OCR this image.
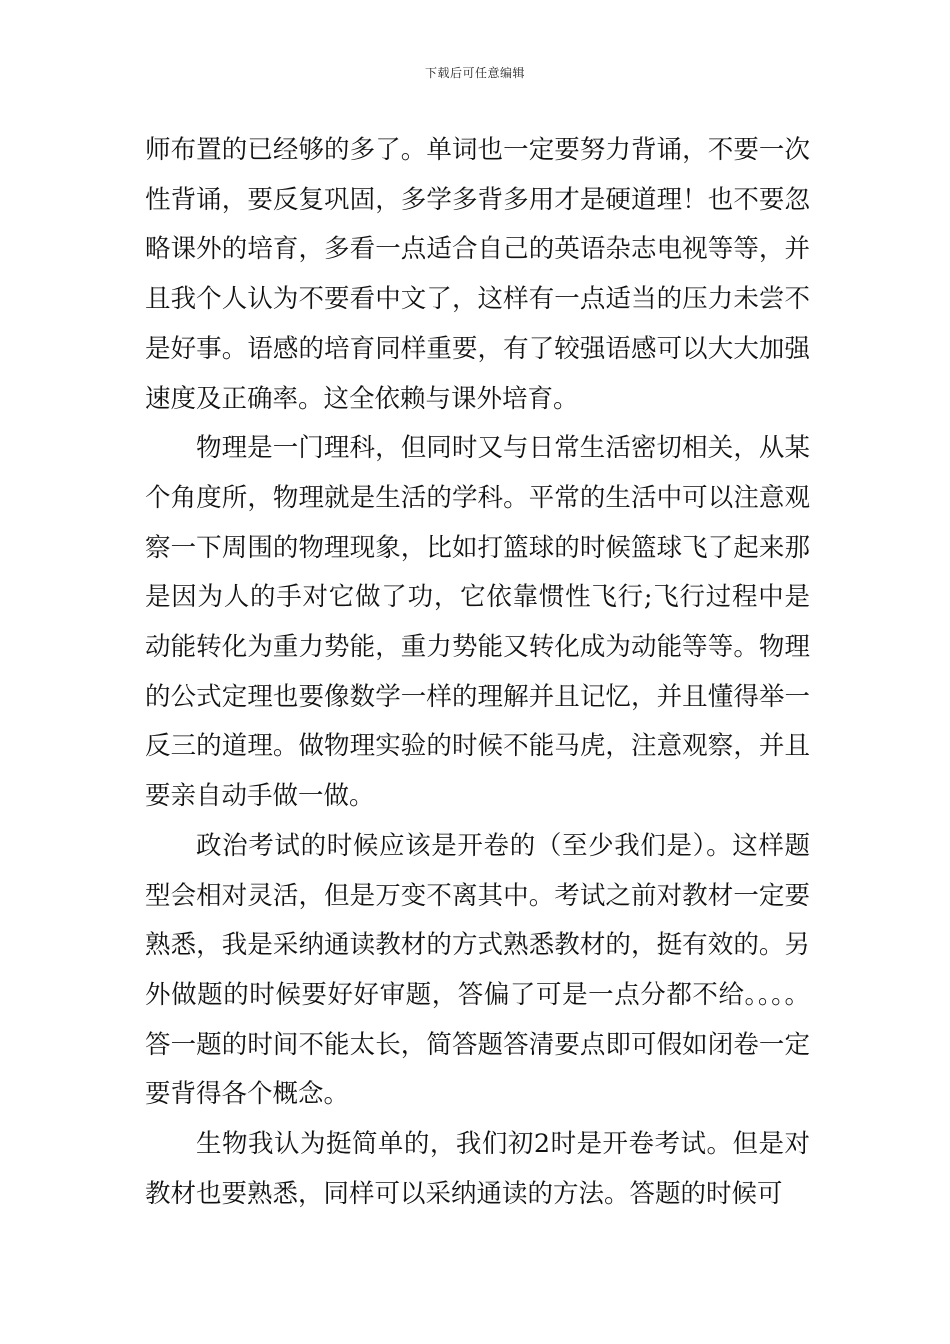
下载后可任意编辑

师布置的已经够的多了。单词也一定要努力背诵，不要一次性背诵，要反复巩固，多学多背多用才是硬道理！也不要忽略课外的培育，多看一点适合自己的英语杂志电视等等，并且我个人认为不要看中文了，这样有一点适当的压力未尝不是好事。语感的培育同样重要，有了较强语感可以大大加强速度及正确率。这全依赖与课外培育。

物理是一门理科，但同时又与日常生活密切相关，从某个角度所，物理就是生活的学科。平常的生活中可以注意观察一下周围的物理现象，比如打篮球的时候篮球飞了起来那是因为人的手对它做了功，它依靠惯性飞行;飞行过程中是动能转化为重力势能，重力势能又转化成为动能等等。物理的公式定理也要像数学一样的理解并且记忆，并且懂得举一反三的道理。做物理实验的时候不能马虎，注意观察，并且要亲自动手做一做。

政治考试的时候应该是开卷的（至少我们是）。这样题型会相对灵活，但是万变不离其中。考试之前对教材一定要熟悉，我是采纳通读教材的方式熟悉教材的，挺有效的。另外做题的时候要好好审题，答偏了可是一点分都不给。。。。答一题的时间不能太长，简答题答清要点即可假如闭卷一定要背得各个概念。

生物我认为挺简单的，我们初2时是开卷考试。但是对教材也要熟悉，同样可以采纳通读的方法。答题的时候可
